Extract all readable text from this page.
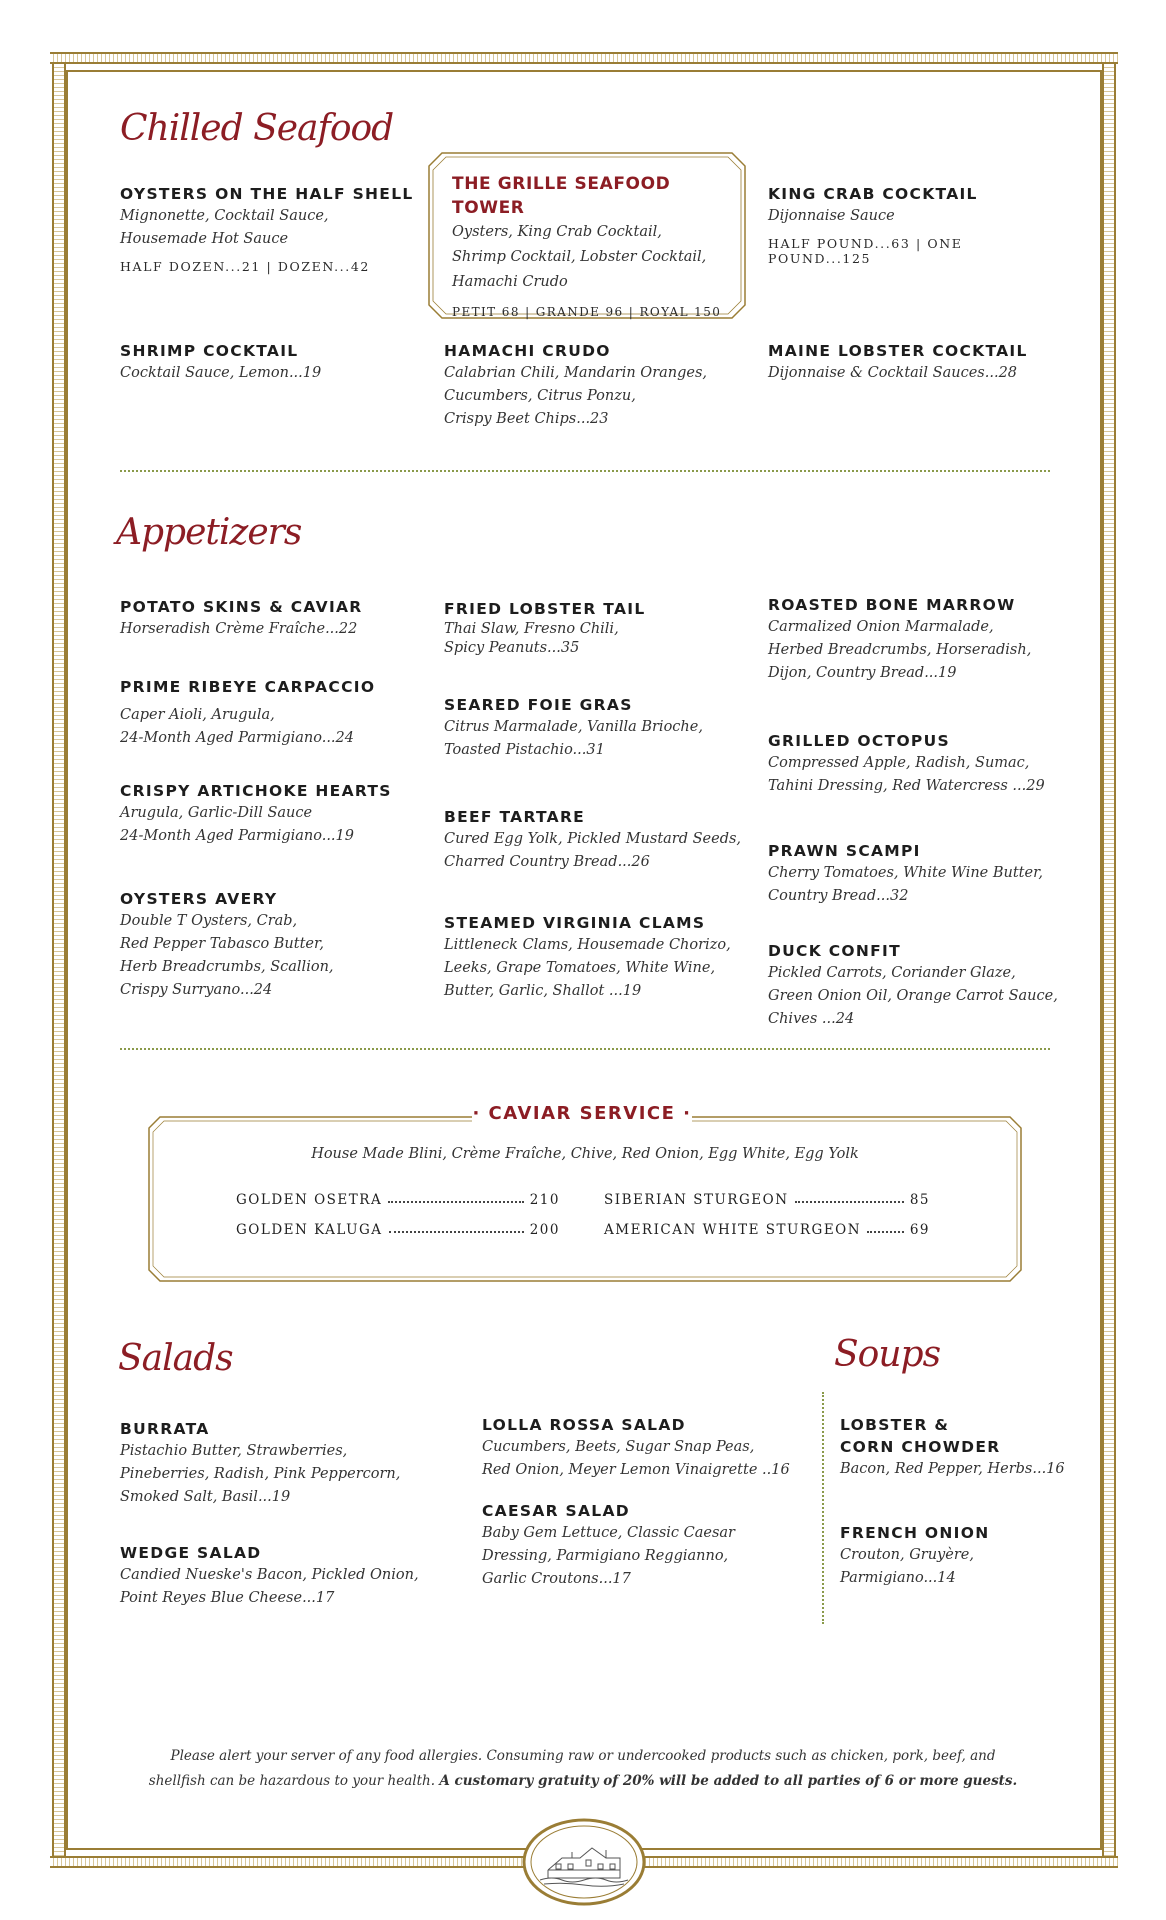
Chilled Seafood
OYSTERS ON THE HALF SHELL
Mignonette, Cocktail Sauce,
Housemade Hot Sauce
HALF DOZEN...21 | DOZEN...42
THE GRILLE SEAFOOD TOWER
Oysters, King Crab Cocktail,
Shrimp Cocktail, Lobster Cocktail,
Hamachi Crudo
PETIT 68 | GRANDE 96 | ROYAL 150
KING CRAB COCKTAIL
Dijonnaise Sauce
HALF POUND...63 | ONE POUND...125
SHRIMP COCKTAIL
Cocktail Sauce, Lemon...19
HAMACHI CRUDO
Calabrian Chili, Mandarin Oranges,
Cucumbers, Citrus Ponzu,
Crispy Beet Chips...23
MAINE LOBSTER COCKTAIL
Dijonnaise & Cocktail Sauces...28
Appetizers
POTATO SKINS & CAVIAR
Horseradish Crème Fraîche...22
PRIME RIBEYE CARPACCIO
Caper Aioli, Arugula,
24-Month Aged Parmigiano...24
CRISPY ARTICHOKE HEARTS
Arugula, Garlic-Dill Sauce
24-Month Aged Parmigiano...19
OYSTERS AVERY
Double T Oysters, Crab,
Red Pepper Tabasco Butter,
Herb Breadcrumbs, Scallion,
Crispy Surryano...24
FRIED LOBSTER TAIL
Thai Slaw, Fresno Chili,
Spicy Peanuts...35
SEARED FOIE GRAS
Citrus Marmalade, Vanilla Brioche,
Toasted Pistachio...31
BEEF TARTARE
Cured Egg Yolk, Pickled Mustard Seeds,
Charred Country Bread...26
STEAMED VIRGINIA CLAMS
Littleneck Clams, Housemade Chorizo,
Leeks, Grape Tomatoes, White Wine,
Butter, Garlic, Shallot ...19
ROASTED BONE MARROW
Carmalized Onion Marmalade,
Herbed Breadcrumbs, Horseradish,
Dijon, Country Bread...19
GRILLED OCTOPUS
Compressed Apple, Radish, Sumac,
Tahini Dressing, Red Watercress ...29
PRAWN SCAMPI
Cherry Tomatoes, White Wine Butter,
Country Bread...32
DUCK CONFIT
Pickled Carrots, Coriander Glaze,
Green Onion Oil, Orange Carrot Sauce,
Chives ...24
· CAVIAR SERVICE ·
House Made Blini, Crème Fraîche, Chive, Red Onion, Egg White, Egg Yolk
GOLDEN OSETRA	210
GOLDEN KALUGA	200
SIBERIAN STURGEON	85
AMERICAN WHITE STURGEON	69
Salads
BURRATA
Pistachio Butter, Strawberries,
Pineberries, Radish, Pink Peppercorn,
Smoked Salt, Basil...19
WEDGE SALAD
Candied Nueske's Bacon, Pickled Onion,
Point Reyes Blue Cheese...17
LOLLA ROSSA SALAD
Cucumbers, Beets, Sugar Snap Peas,
Red Onion, Meyer Lemon Vinaigrette ..16
CAESAR SALAD
Baby Gem Lettuce, Classic Caesar
Dressing, Parmigiano Reggianno,
Garlic Croutons...17
Soups
LOBSTER &
CORN CHOWDER
Bacon, Red Pepper, Herbs...16
FRENCH ONION
Crouton, Gruyère,
Parmigiano...14
Please alert your server of any food allergies. Consuming raw or undercooked products such as chicken, pork, beef, and
shellfish can be hazardous to your health. A customary gratuity of 20% will be added to all parties of 6 or more guests.
